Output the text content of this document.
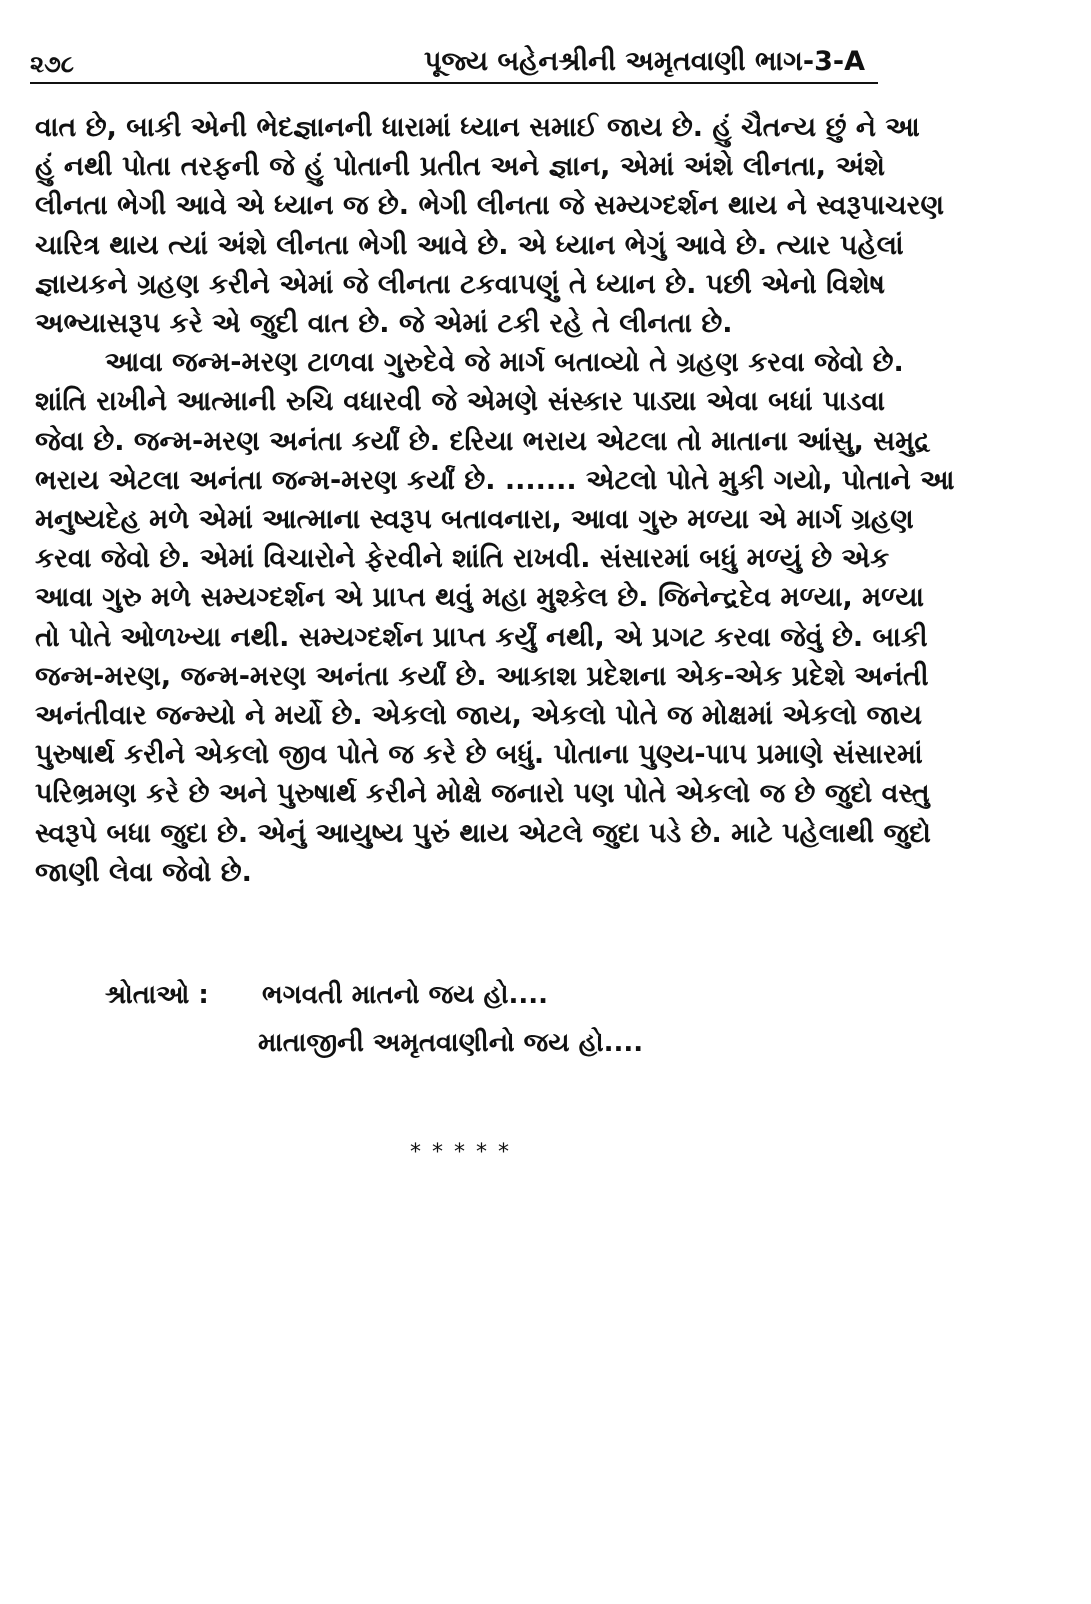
૨૭૮	પૂજ્ય બહેનશ્રીની અમૃતવાણી ભાગ-3-A
વાત છે, બાકી એની ભેદજ્ઞાનની ધારામાં ધ્યાન સમાઈ જાય છે. હું ચૈતન્ય છું ને આ
હું નથી પોતા તરફની જે હું પોતાની પ્રતીત અને જ્ઞાન, એમાં અંશે લીનતા, અંશે
લીનતા ભેગી આવે એ ધ્યાન જ છે. ભેગી લીનતા જે સમ્યગ્દર્શન થાય ને સ્વરૂપાચરણ
ચારિત્ર થાય ત્યાં અંશે લીનતા ભેગી આવે છે. એ ધ્યાન ભેગું આવે છે. ત્યાર પહેલાં
જ્ઞાયકને ગ્રહણ કરીને એમાં જે લીનતા ટકવાપણું તે ધ્યાન છે. પછી એનો વિશેષ
અભ્યાસરૂપ કરે એ જુદી વાત છે. જે એમાં ટકી રહે તે લીનતા છે.
આવા જન્મ-મરણ ટાળવા ગુરુદેવે જે માર્ગ બતાવ્યો તે ગ્રહણ કરવા જેવો છે.
શાંતિ રાખીને આત્માની રુચિ વધારવી જે એમણે સંસ્કાર પાડ્યા એવા બધાં પાડવા
જેવા છે. જન્મ-મરણ અનંતા કર્યાં છે. દરિયા ભરાય એટલા તો માતાના આંસુ, સમુદ્ર
ભરાય એટલા અનંતા જન્મ-મરણ કર્યાં છે. ....... એટલો પોતે મુકી ગયો, પોતાને આ
મનુષ્યદેહ મળે એમાં આત્માના સ્વરૂપ બતાવનારા, આવા ગુરુ મળ્યા એ માર્ગ ગ્રહણ
કરવા જેવો છે. એમાં વિચારોને ફેરવીને શાંતિ રાખવી. સંસારમાં બધું મળ્યું છે એક
આવા ગુરુ મળે સમ્યગ્દર્શન એ પ્રાપ્ત થવું મહા મુશ્કેલ છે. જિનેન્દ્રદેવ મળ્યા, મળ્યા
તો પોતે ઓળખ્યા નથી. સમ્યગ્દર્શન પ્રાપ્ત કર્યું નથી, એ પ્રગટ કરવા જેવું છે. બાકી
જન્મ-મરણ, જન્મ-મરણ અનંતા કર્યાં છે. આકાશ પ્રદેશના એક-એક પ્રદેશે અનંતી
અનંતીવાર જન્મ્યો ને મર્યો છે. એકલો જાય, એકલો પોતે જ મોક્ષમાં એકલો જાય
પુરુષાર્થ કરીને એકલો જીવ પોતે જ કરે છે બધું. પોતાના પુણ્ય-પાપ પ્રમાણે સંસારમાં
પરિભ્રમણ કરે છે અને પુરુષાર્થ કરીને મોક્ષે જનારો પણ પોતે એકલો જ છે જુદો વસ્તુ
સ્વરૂપે બધા જુદા છે. એનું આયુષ્ય પુરું થાય એટલે જુદા પડે છે. માટે પહેલાથી જુદો
જાણી લેવા જેવો છે.
શ્રોતાઓ : ભગવતી માતનો જય હો....
માતાજીની અમૃતવાણીનો જય હો....
* * * * *
